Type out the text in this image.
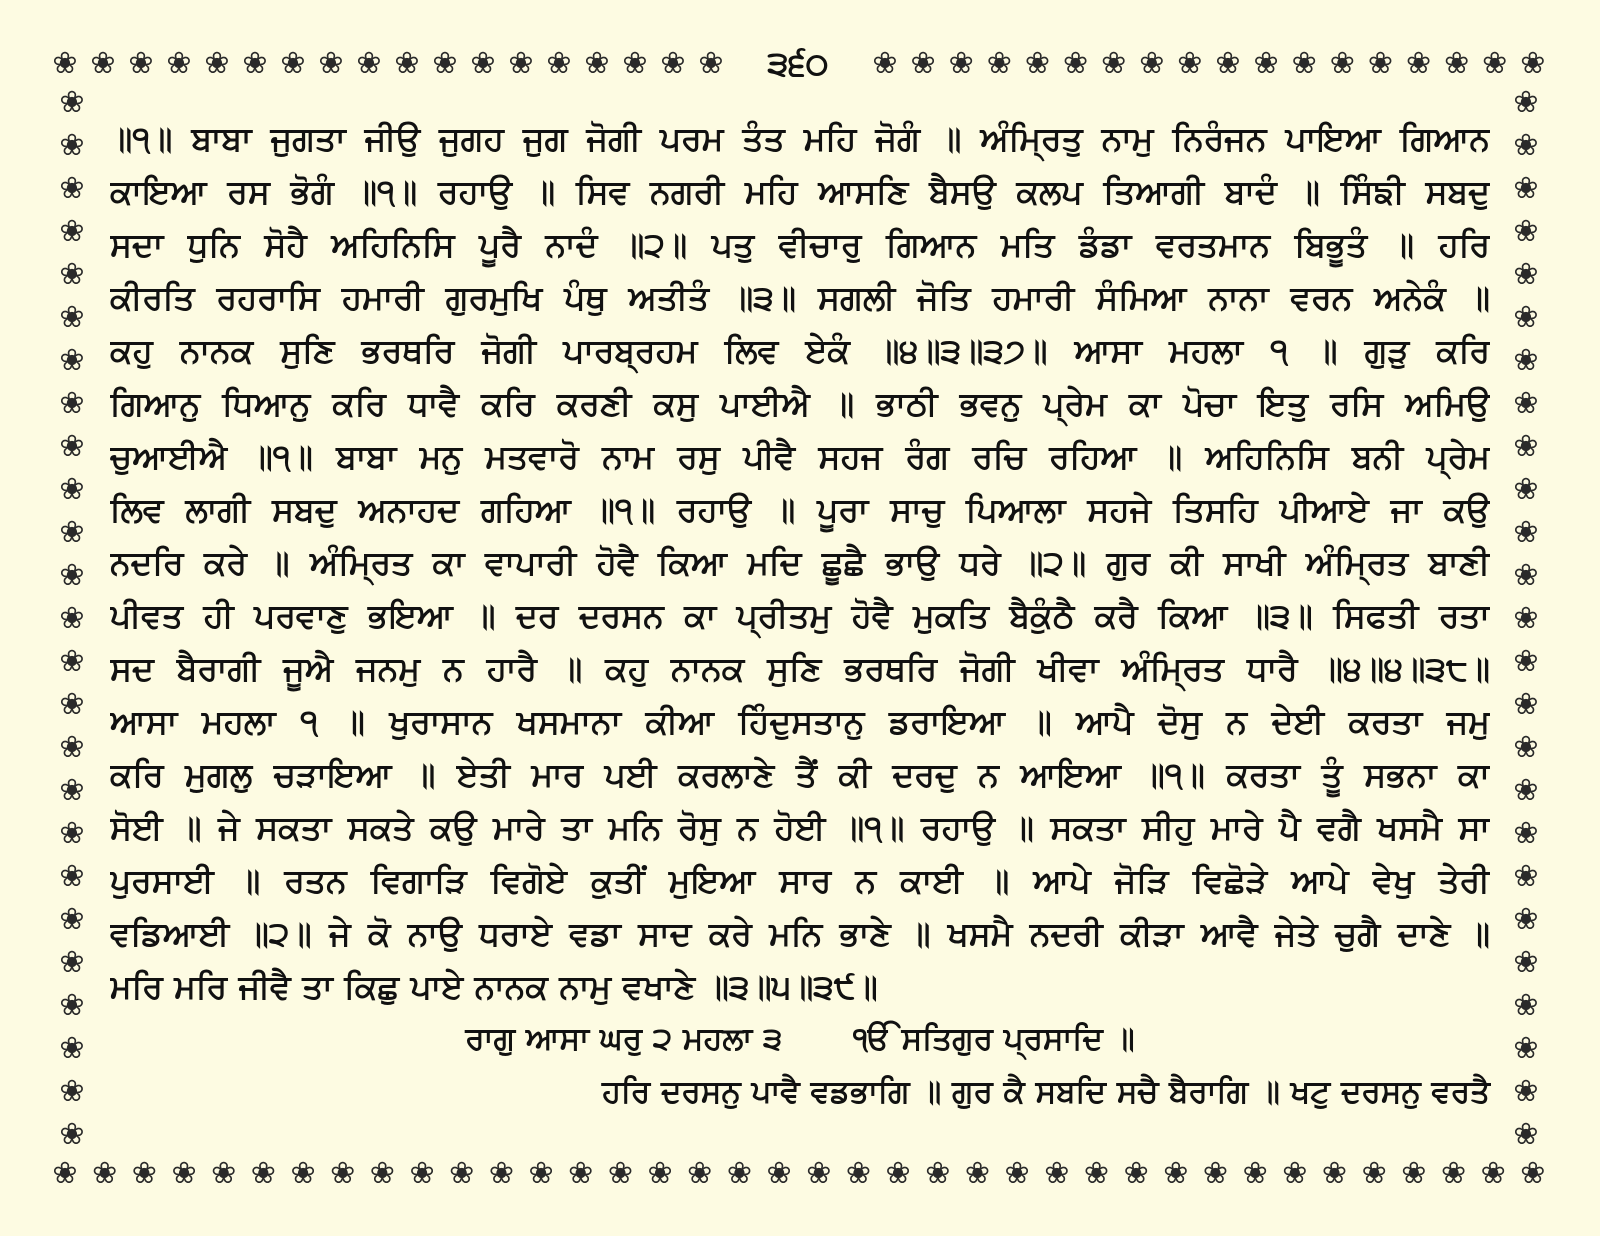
❀ ❀ ❀ ❀ ❀ ❀ ❀ ❀ ❀ ❀ ❀ ❀ ❀ ❀ ❀ ❀ ❀ ❀	੩੬੦	❀ ❀ ❀ ❀ ❀ ❀ ❀ ❀ ❀ ❀ ❀ ❀ ❀ ❀ ❀ ❀ ❀ ❀
❀
❀
❀
❀
❀
❀
❀
❀
❀
❀
❀
❀
❀
❀
❀
❀
❀
❀
❀
❀
❀
❀
❀
❀
❀
❀
❀
❀
❀
❀
❀
❀
❀
❀
❀
❀
❀
❀
❀
❀
❀
❀
❀
❀
❀
❀
❀
❀
❀
❀
❀ ❀ ❀ ❀ ❀ ❀ ❀ ❀ ❀ ❀ ❀ ❀ ❀ ❀ ❀ ❀ ❀ ❀ ❀ ❀ ❀ ❀ ❀ ❀ ❀ ❀ ❀ ❀ ❀ ❀ ❀ ❀ ❀ ❀ ❀ ❀ ❀ ❀

॥੧॥ ਬਾਬਾ ਜੁਗਤਾ ਜੀਉ ਜੁਗਹ ਜੁਗ ਜੋਗੀ ਪਰਮ ਤੰਤ ਮਹਿ ਜੋਗੰ ॥ ਅੰਮ੍ਰਿਤੁ ਨਾਮੁ ਨਿਰੰਜਨ ਪਾਇਆ ਗਿਆਨ

ਕਾਇਆ ਰਸ ਭੋਗੰ ॥੧॥ ਰਹਾਉ ॥ ਸਿਵ ਨਗਰੀ ਮਹਿ ਆਸਣਿ ਬੈਸਉ ਕਲਪ ਤਿਆਗੀ ਬਾਦੰ ॥ ਸਿੰਙੀ ਸਬਦੁ

ਸਦਾ ਧੁਨਿ ਸੋਹੈ ਅਹਿਨਿਸਿ ਪੂਰੈ ਨਾਦੰ ॥੨॥ ਪਤੁ ਵੀਚਾਰੁ ਗਿਆਨ ਮਤਿ ਡੰਡਾ ਵਰਤਮਾਨ ਬਿਭੂਤੰ ॥ ਹਰਿ

ਕੀਰਤਿ ਰਹਰਾਸਿ ਹਮਾਰੀ ਗੁਰਮੁਖਿ ਪੰਥੁ ਅਤੀਤੰ ॥੩॥ ਸਗਲੀ ਜੋਤਿ ਹਮਾਰੀ ਸੰਮਿਆ ਨਾਨਾ ਵਰਨ ਅਨੇਕੰ ॥

ਕਹੁ ਨਾਨਕ ਸੁਣਿ ਭਰਥਰਿ ਜੋਗੀ ਪਾਰਬ੍ਰਹਮ ਲਿਵ ਏਕੰ ॥੪॥੩॥੩੭॥ ਆਸਾ ਮਹਲਾ ੧ ॥ ਗੁੜੁ ਕਰਿ

ਗਿਆਨੁ ਧਿਆਨੁ ਕਰਿ ਧਾਵੈ ਕਰਿ ਕਰਣੀ ਕਸੁ ਪਾਈਐ ॥ ਭਾਠੀ ਭਵਨੁ ਪ੍ਰੇਮ ਕਾ ਪੋਚਾ ਇਤੁ ਰਸਿ ਅਮਿਉ

ਚੁਆਈਐ ॥੧॥ ਬਾਬਾ ਮਨੁ ਮਤਵਾਰੋ ਨਾਮ ਰਸੁ ਪੀਵੈ ਸਹਜ ਰੰਗ ਰਚਿ ਰਹਿਆ ॥ ਅਹਿਨਿਸਿ ਬਨੀ ਪ੍ਰੇਮ

ਲਿਵ ਲਾਗੀ ਸਬਦੁ ਅਨਾਹਦ ਗਹਿਆ ॥੧॥ ਰਹਾਉ ॥ ਪੂਰਾ ਸਾਚੁ ਪਿਆਲਾ ਸਹਜੇ ਤਿਸਹਿ ਪੀਆਏ ਜਾ ਕਉ

ਨਦਰਿ ਕਰੇ ॥ ਅੰਮ੍ਰਿਤ ਕਾ ਵਾਪਾਰੀ ਹੋਵੈ ਕਿਆ ਮਦਿ ਛੂਛੈ ਭਾਉ ਧਰੇ ॥੨॥ ਗੁਰ ਕੀ ਸਾਖੀ ਅੰਮ੍ਰਿਤ ਬਾਣੀ

ਪੀਵਤ ਹੀ ਪਰਵਾਣੁ ਭਇਆ ॥ ਦਰ ਦਰਸਨ ਕਾ ਪ੍ਰੀਤਮੁ ਹੋਵੈ ਮੁਕਤਿ ਬੈਕੁੰਠੈ ਕਰੈ ਕਿਆ ॥੩॥ ਸਿਫਤੀ ਰਤਾ

ਸਦ ਬੈਰਾਗੀ ਜੂਐ ਜਨਮੁ ਨ ਹਾਰੈ ॥ ਕਹੁ ਨਾਨਕ ਸੁਣਿ ਭਰਥਰਿ ਜੋਗੀ ਖੀਵਾ ਅੰਮ੍ਰਿਤ ਧਾਰੈ ॥੪॥੪॥੩੮॥

ਆਸਾ ਮਹਲਾ ੧ ॥ ਖੁਰਾਸਾਨ ਖਸਮਾਨਾ ਕੀਆ ਹਿੰਦੁਸਤਾਨੁ ਡਰਾਇਆ ॥ ਆਪੈ ਦੋਸੁ ਨ ਦੇਈ ਕਰਤਾ ਜਮੁ

ਕਰਿ ਮੁਗਲੁ ਚੜਾਇਆ ॥ ਏਤੀ ਮਾਰ ਪਈ ਕਰਲਾਣੇ ਤੈਂ ਕੀ ਦਰਦੁ ਨ ਆਇਆ ॥੧॥ ਕਰਤਾ ਤੂੰ ਸਭਨਾ ਕਾ

ਸੋਈ ॥ ਜੇ ਸਕਤਾ ਸਕਤੇ ਕਉ ਮਾਰੇ ਤਾ ਮਨਿ ਰੋਸੁ ਨ ਹੋਈ ॥੧॥ ਰਹਾਉ ॥ ਸਕਤਾ ਸੀਹੁ ਮਾਰੇ ਪੈ ਵਗੈ ਖਸਮੈ ਸਾ

ਪੁਰਸਾਈ ॥ ਰਤਨ ਵਿਗਾੜਿ ਵਿਗੋਏ ਕੁਤੀਂ ਮੁਇਆ ਸਾਰ ਨ ਕਾਈ ॥ ਆਪੇ ਜੋੜਿ ਵਿਛੋੜੇ ਆਪੇ ਵੇਖੁ ਤੇਰੀ

ਵਡਿਆਈ ॥੨॥ ਜੇ ਕੋ ਨਾਉ ਧਰਾਏ ਵਡਾ ਸਾਦ ਕਰੇ ਮਨਿ ਭਾਣੇ ॥ ਖਸਮੈ ਨਦਰੀ ਕੀੜਾ ਆਵੈ ਜੇਤੇ ਚੁਗੈ ਦਾਣੇ ॥

ਮਰਿ ਮਰਿ ਜੀਵੈ ਤਾ ਕਿਛੁ ਪਾਏ ਨਾਨਕ ਨਾਮੁ ਵਖਾਣੇ ॥੩॥੫॥੩੯॥

ਰਾਗੁ ਆਸਾ ਘਰੁ ੨ ਮਹਲਾ ੩ ੴ ਸਤਿਗੁਰ ਪ੍ਰਸਾਦਿ ॥

ਹਰਿ ਦਰਸਨੁ ਪਾਵੈ ਵਡਭਾਗਿ ॥ ਗੁਰ ਕੈ ਸਬਦਿ ਸਚੈ ਬੈਰਾਗਿ ॥ ਖਟੁ ਦਰਸਨੁ ਵਰਤੈ
